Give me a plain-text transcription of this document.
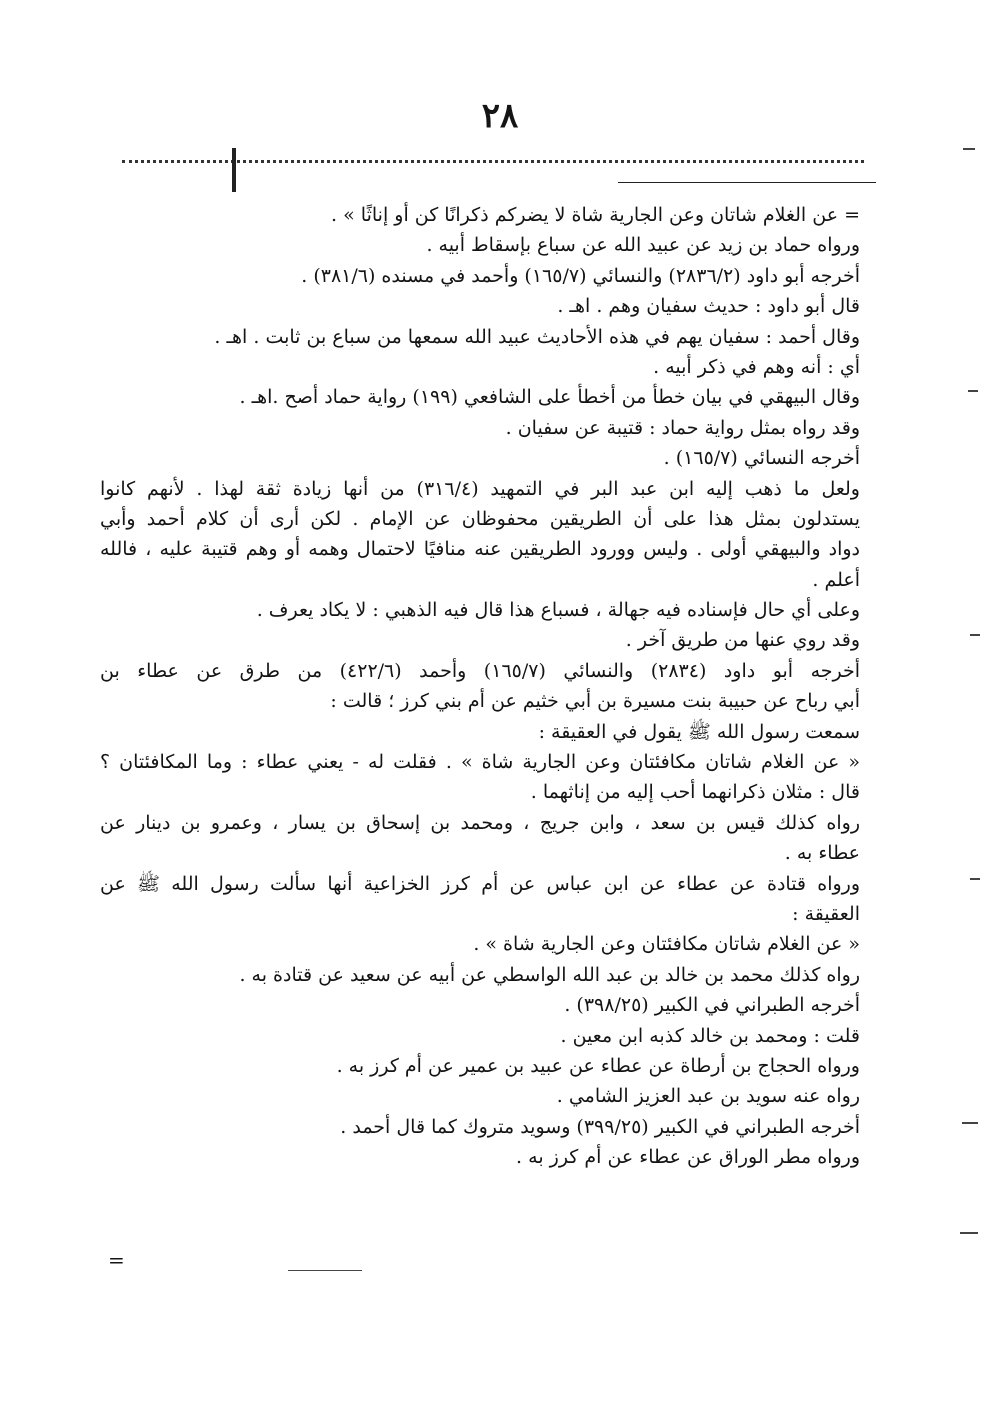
٢٨
= عن الغلام شاتان وعن الجارية شاة لا يضركم ذكرانًا كن أو إناثًا » .
ورواه حماد بن زيد عن عبيد الله عن سباع بإسقاط أبيه .
أخرجه أبو داود (٢٨٣٦/٢) والنسائي (١٦٥/٧) وأحمد في مسنده (٣٨١/٦) .
قال أبو داود : حديث سفيان وهم . اهـ .
وقال أحمد : سفيان يهم في هذه الأحاديث عبيد الله سمعها من سباع بن ثابت . اهـ .
أي : أنه وهم في ذكر أبيه .
وقال البيهقي في بيان خطأ من أخطأ على الشافعي (١٩٩) رواية حماد أصح .اهـ .
وقد رواه بمثل رواية حماد : قتيبة عن سفيان .
أخرجه النسائي (١٦٥/٧) .
ولعل ما ذهب إليه ابن عبد البر في التمهيد (٣١٦/٤) من أنها زيادة ثقة لهذا . لأنهم كانوا
يستدلون بمثل هذا على أن الطريقين محفوظان عن الإمام . لكن أرى أن كلام أحمد وأبي
دواد والبيهقي أولى . وليس وورود الطريقين عنه منافيًا لاحتمال وهمه أو وهم قتيبة عليه ، فالله
أعلم .
وعلى أي حال فإسناده فيه جهالة ، فسباع هذا قال فيه الذهبي : لا يكاد يعرف .
وقد روي عنها من طريق آخر .
أخرجه أبو داود (٢٨٣٤) والنسائي (١٦٥/٧) وأحمد (٤٢٢/٦) من طرق عن عطاء بن
أبي رباح عن حبيبة بنت مسيرة بن أبي خثيم عن أم بني كرز ؛ قالت :
سمعت رسول الله ﷺ يقول في العقيقة :
« عن الغلام شاتان مكافئتان وعن الجارية شاة » . فقلت له - يعني عطاء : وما المكافئتان ؟
قال : مثلان ذكرانهما أحب إليه من إناثهما .
رواه كذلك قيس بن سعد ، وابن جريج ، ومحمد بن إسحاق بن يسار ، وعمرو بن دينار عن
عطاء به .
ورواه قتادة عن عطاء عن ابن عباس عن أم كرز الخزاعية أنها سألت رسول الله ﷺ عن
العقيقة :
« عن الغلام شاتان مكافئتان وعن الجارية شاة » .
رواه كذلك محمد بن خالد بن عبد الله الواسطي عن أبيه عن سعيد عن قتادة به .
أخرجه الطبراني في الكبير (٣٩٨/٢٥) .
قلت : ومحمد بن خالد كذبه ابن معين .
ورواه الحجاج بن أرطاة عن عطاء عن عبيد بن عمير عن أم كرز به .
رواه عنه سويد بن عبد العزيز الشامي .
أخرجه الطبراني في الكبير (٣٩٩/٢٥) وسويد متروك كما قال أحمد .
ورواه مطر الوراق عن عطاء عن أم كرز به .
=
